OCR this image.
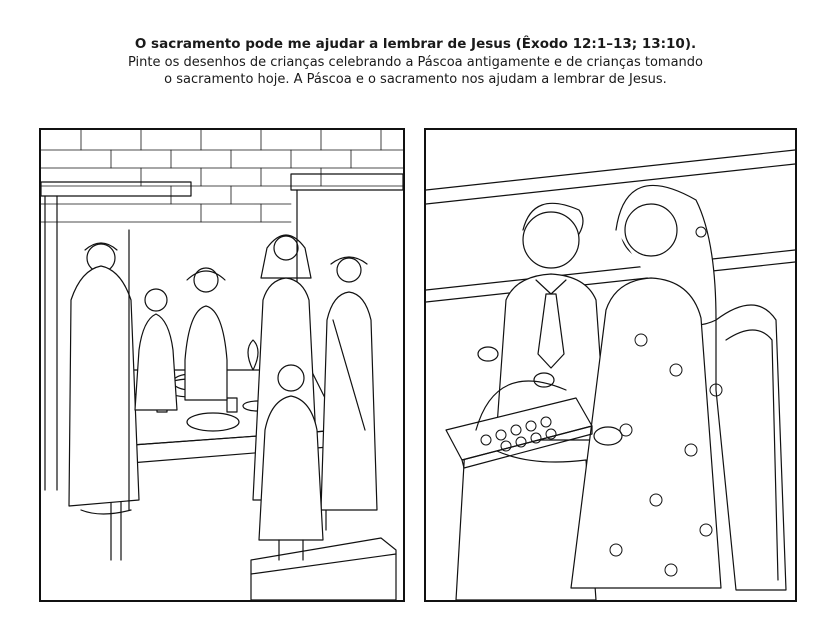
O sacramento pode me ajudar a lembrar de Jesus (Êxodo 12:1–13; 13:10).
Pinte os desenhos de crianças celebrando a Páscoa antigamente e de crianças tomando
o sacramento hoje. A Páscoa e o sacramento nos ajudam a lembrar de Jesus.
